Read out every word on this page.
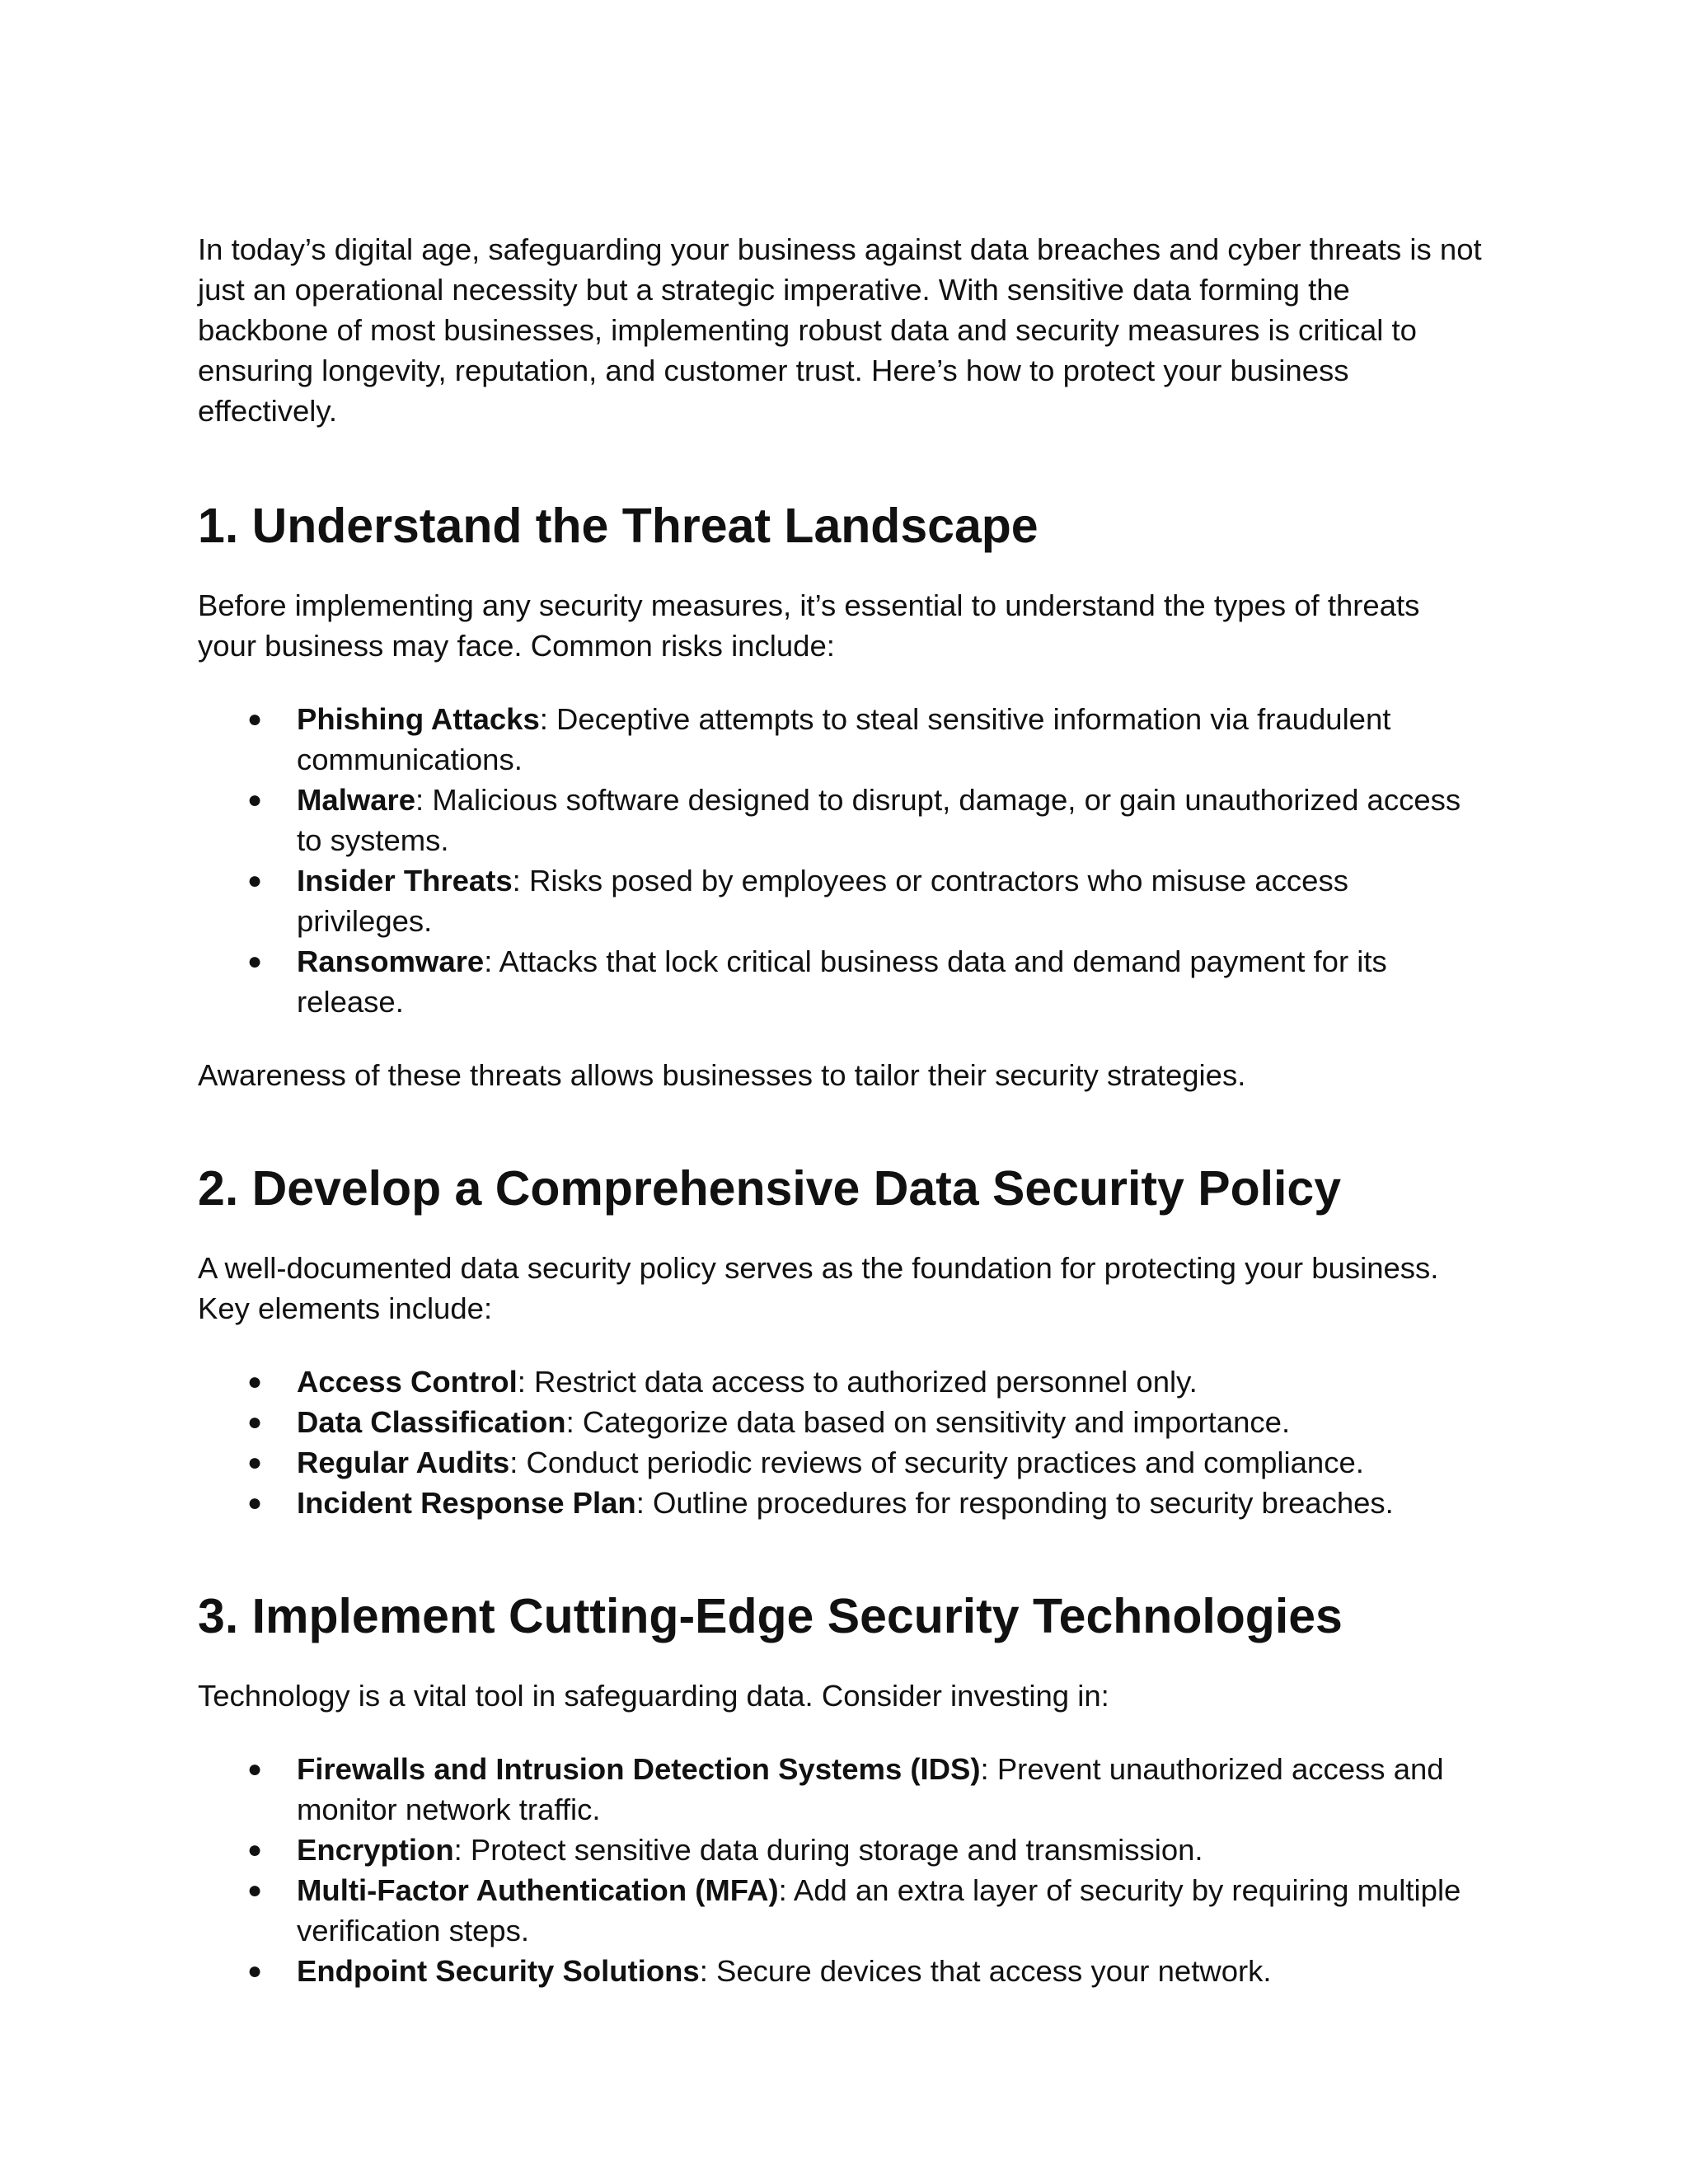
In today’s digital age, safeguarding your business against data breaches and cyber threats is not just an operational necessity but a strategic imperative. With sensitive data forming the backbone of most businesses, implementing robust data and security measures is critical to ensuring longevity, reputation, and customer trust. Here’s how to protect your business effectively.

1. Understand the Threat Landscape

Before implementing any security measures, it’s essential to understand the types of threats your business may face. Common risks include:

● Phishing Attacks: Deceptive attempts to steal sensitive information via fraudulent communications.
● Malware: Malicious software designed to disrupt, damage, or gain unauthorized access to systems.
● Insider Threats: Risks posed by employees or contractors who misuse access privileges.
● Ransomware: Attacks that lock critical business data and demand payment for its release.

Awareness of these threats allows businesses to tailor their security strategies.

2. Develop a Comprehensive Data Security Policy

A well-documented data security policy serves as the foundation for protecting your business. Key elements include:

● Access Control: Restrict data access to authorized personnel only.
● Data Classification: Categorize data based on sensitivity and importance.
● Regular Audits: Conduct periodic reviews of security practices and compliance.
● Incident Response Plan: Outline procedures for responding to security breaches.
3. Implement Cutting-Edge Security Technologies

Technology is a vital tool in safeguarding data. Consider investing in:

● Firewalls and Intrusion Detection Systems (IDS): Prevent unauthorized access and monitor network traffic.
● Encryption: Protect sensitive data during storage and transmission.
● Multi-Factor Authentication (MFA): Add an extra layer of security by requiring multiple verification steps.
● Endpoint Security Solutions: Secure devices that access your network.
